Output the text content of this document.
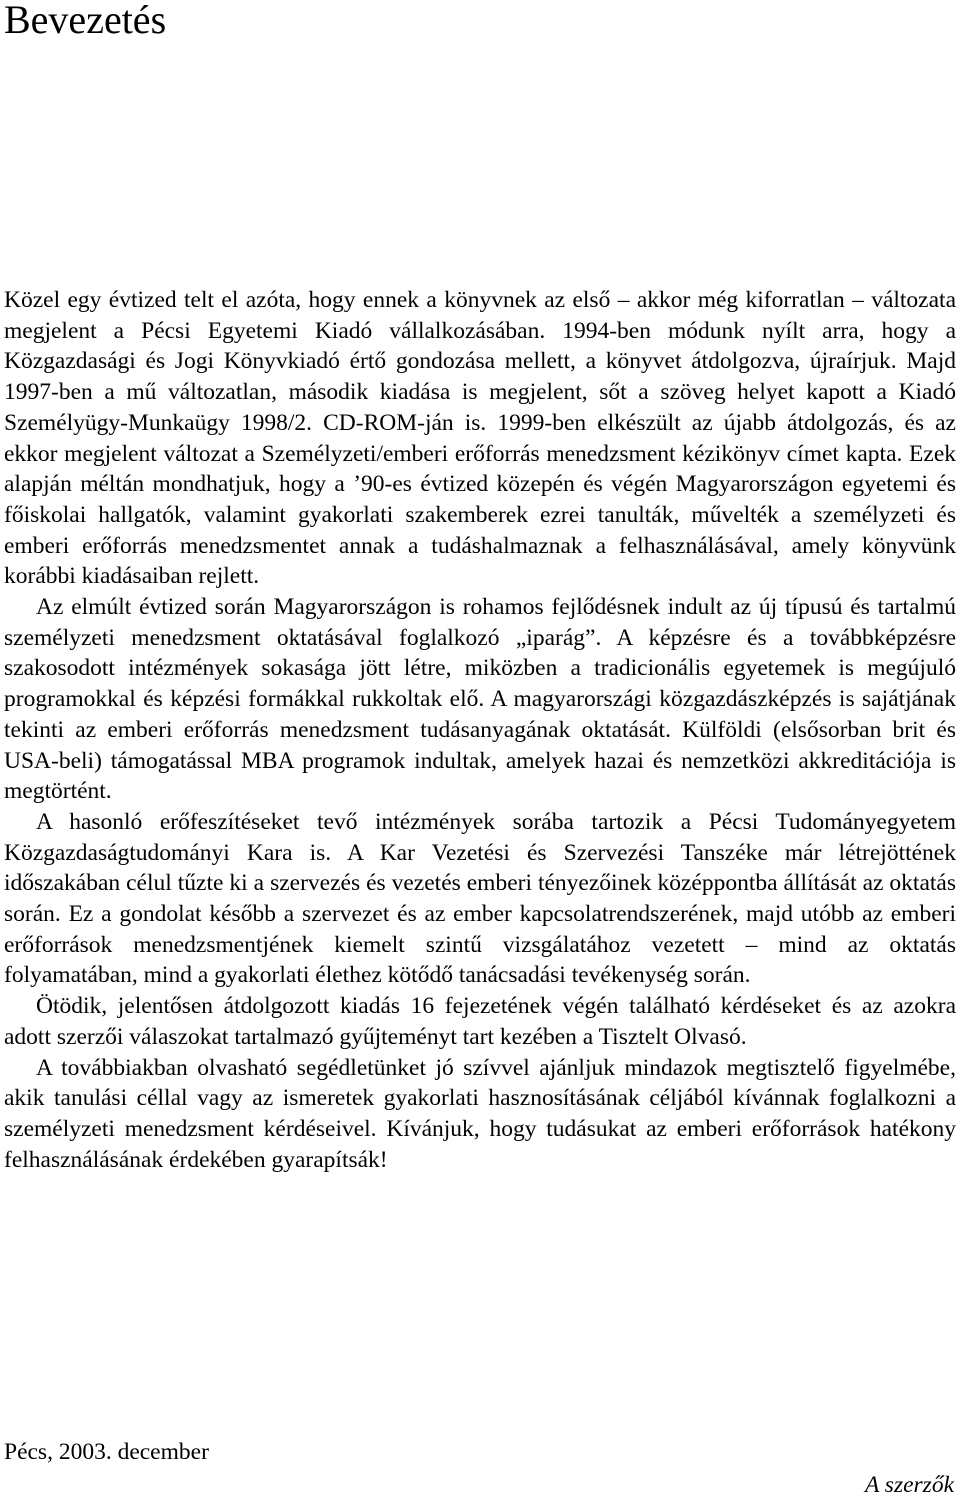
Bevezetés

Közel egy évtized telt el azóta, hogy ennek a könyvnek az első – akkor még kiforratlan – változata megjelent a Pécsi Egyetemi Kiadó vállalkozásában. 1994-ben módunk nyílt arra, hogy a Közgazdasági és Jogi Könyvkiadó értő gondozása mellett, a könyvet átdolgozva, újraírjuk. Majd 1997-ben a mű változatlan, második kiadása is megjelent, sőt a szöveg helyet kapott a Kiadó Személyügy-Munkaügy 1998/2. CD-ROM-ján is. 1999-ben elkészült az újabb átdolgozás, és az ekkor megjelent változat a Személyzeti/emberi erőforrás menedzsment kézikönyv címet kapta. Ezek alapján méltán mondhatjuk, hogy a ’90-es évtized közepén és végén Magyarországon egyetemi és főiskolai hallgatók, valamint gyakorlati szakemberek ezrei tanulták, művelték a személyzeti és emberi erőforrás menedzsmentet annak a tudáshalmaznak a felhasználásával, amely könyvünk korábbi kiadásaiban rejlett.

Az elmúlt évtized során Magyarországon is rohamos fejlődésnek indult az új típusú és tartalmú személyzeti menedzsment oktatásával foglalkozó „iparág”. A képzésre és a továbbképzésre szakosodott intézmények sokasága jött létre, miközben a tradicionális egyetemek is megújuló programokkal és képzési formákkal rukkoltak elő. A magyarországi közgazdászképzés is sajátjának tekinti az emberi erőforrás menedzsment tudásanyagának oktatását. Külföldi (elsősorban brit és USA-beli) támogatással MBA programok indultak, amelyek hazai és nemzetközi akkreditációja is megtörtént.

A hasonló erőfeszítéseket tevő intézmények sorába tartozik a Pécsi Tudományegyetem Közgazdaságtudományi Kara is. A Kar Vezetési és Szervezési Tanszéke már létrejöttének időszakában célul tűzte ki a szervezés és vezetés emberi tényezőinek középpontba állítását az oktatás során. Ez a gondolat később a szervezet és az ember kapcsolatrendszerének, majd utóbb az emberi erőforrások menedzsmentjének kiemelt szintű vizsgálatához vezetett – mind az oktatás folyamatában, mind a gyakorlati élethez kötődő tanácsadási tevékenység során.

Ötödik, jelentősen átdolgozott kiadás 16 fejezetének végén található kérdéseket és az azokra adott szerzői válaszokat tartalmazó gyűjteményt tart kezében a Tisztelt Olvasó.

A továbbiakban olvasható segédletünket jó szívvel ajánljuk mindazok megtisztelő figyelmébe, akik tanulási céllal vagy az ismeretek gyakorlati hasznosításának céljából kívánnak foglalkozni a személyzeti menedzsment kérdéseivel. Kívánjuk, hogy tudásukat az emberi erőforrások hatékony felhasználásának érdekében gyarapítsák!

Pécs, 2003. december

A szerzők
